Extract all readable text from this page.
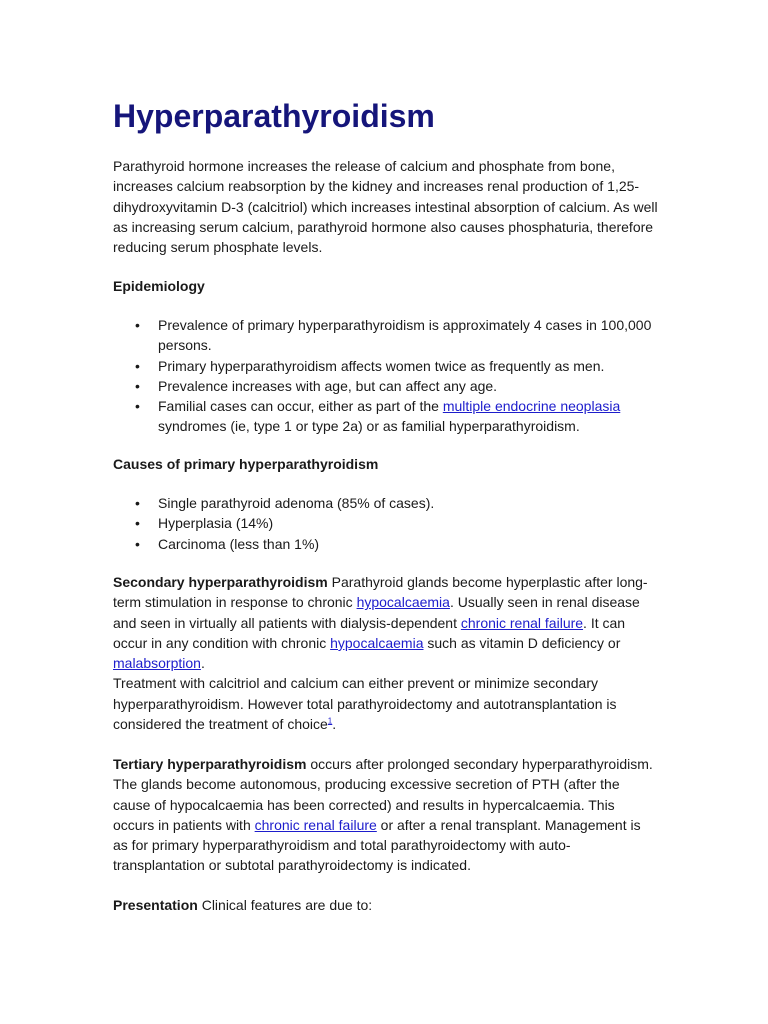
Hyperparathyroidism

Parathyroid hormone increases the release of calcium and phosphate from bone, increases calcium reabsorption by the kidney and increases renal production of 1,25-dihydroxyvitamin D-3 (calcitriol) which increases intestinal absorption of calcium. As well as increasing serum calcium, parathyroid hormone also causes phosphaturia, therefore reducing serum phosphate levels.

Epidemiology

• Prevalence of primary hyperparathyroidism is approximately 4 cases in 100,000 persons.
• Primary hyperparathyroidism affects women twice as frequently as men.
• Prevalence increases with age, but can affect any age.
• Familial cases can occur, either as part of the multiple endocrine neoplasia syndromes (ie, type 1 or type 2a) or as familial hyperparathyroidism.

Causes of primary hyperparathyroidism

• Single parathyroid adenoma (85% of cases).
• Hyperplasia (14%)
• Carcinoma (less than 1%)

Secondary hyperparathyroidism Parathyroid glands become hyperplastic after long-term stimulation in response to chronic hypocalcaemia. Usually seen in renal disease and seen in virtually all patients with dialysis-dependent chronic renal failure. It can occur in any condition with chronic hypocalcaemia such as vitamin D deficiency or malabsorption.

Treatment with calcitriol and calcium can either prevent or minimize secondary hyperparathyroidism. However total parathyroidectomy and autotransplantation is considered the treatment of choice$^1$.

Tertiary hyperparathyroidism occurs after prolonged secondary hyperparathyroidism. The glands become autonomous, producing excessive secretion of PTH (after the cause of hypocalcaemia has been corrected) and results in hypercalcaemia. This occurs in patients with chronic renal failure or after a renal transplant. Management is as for primary hyperparathyroidism and total parathyroidectomy with auto-transplantation or subtotal parathyroidectomy is indicated.

Presentation Clinical features are due to:
